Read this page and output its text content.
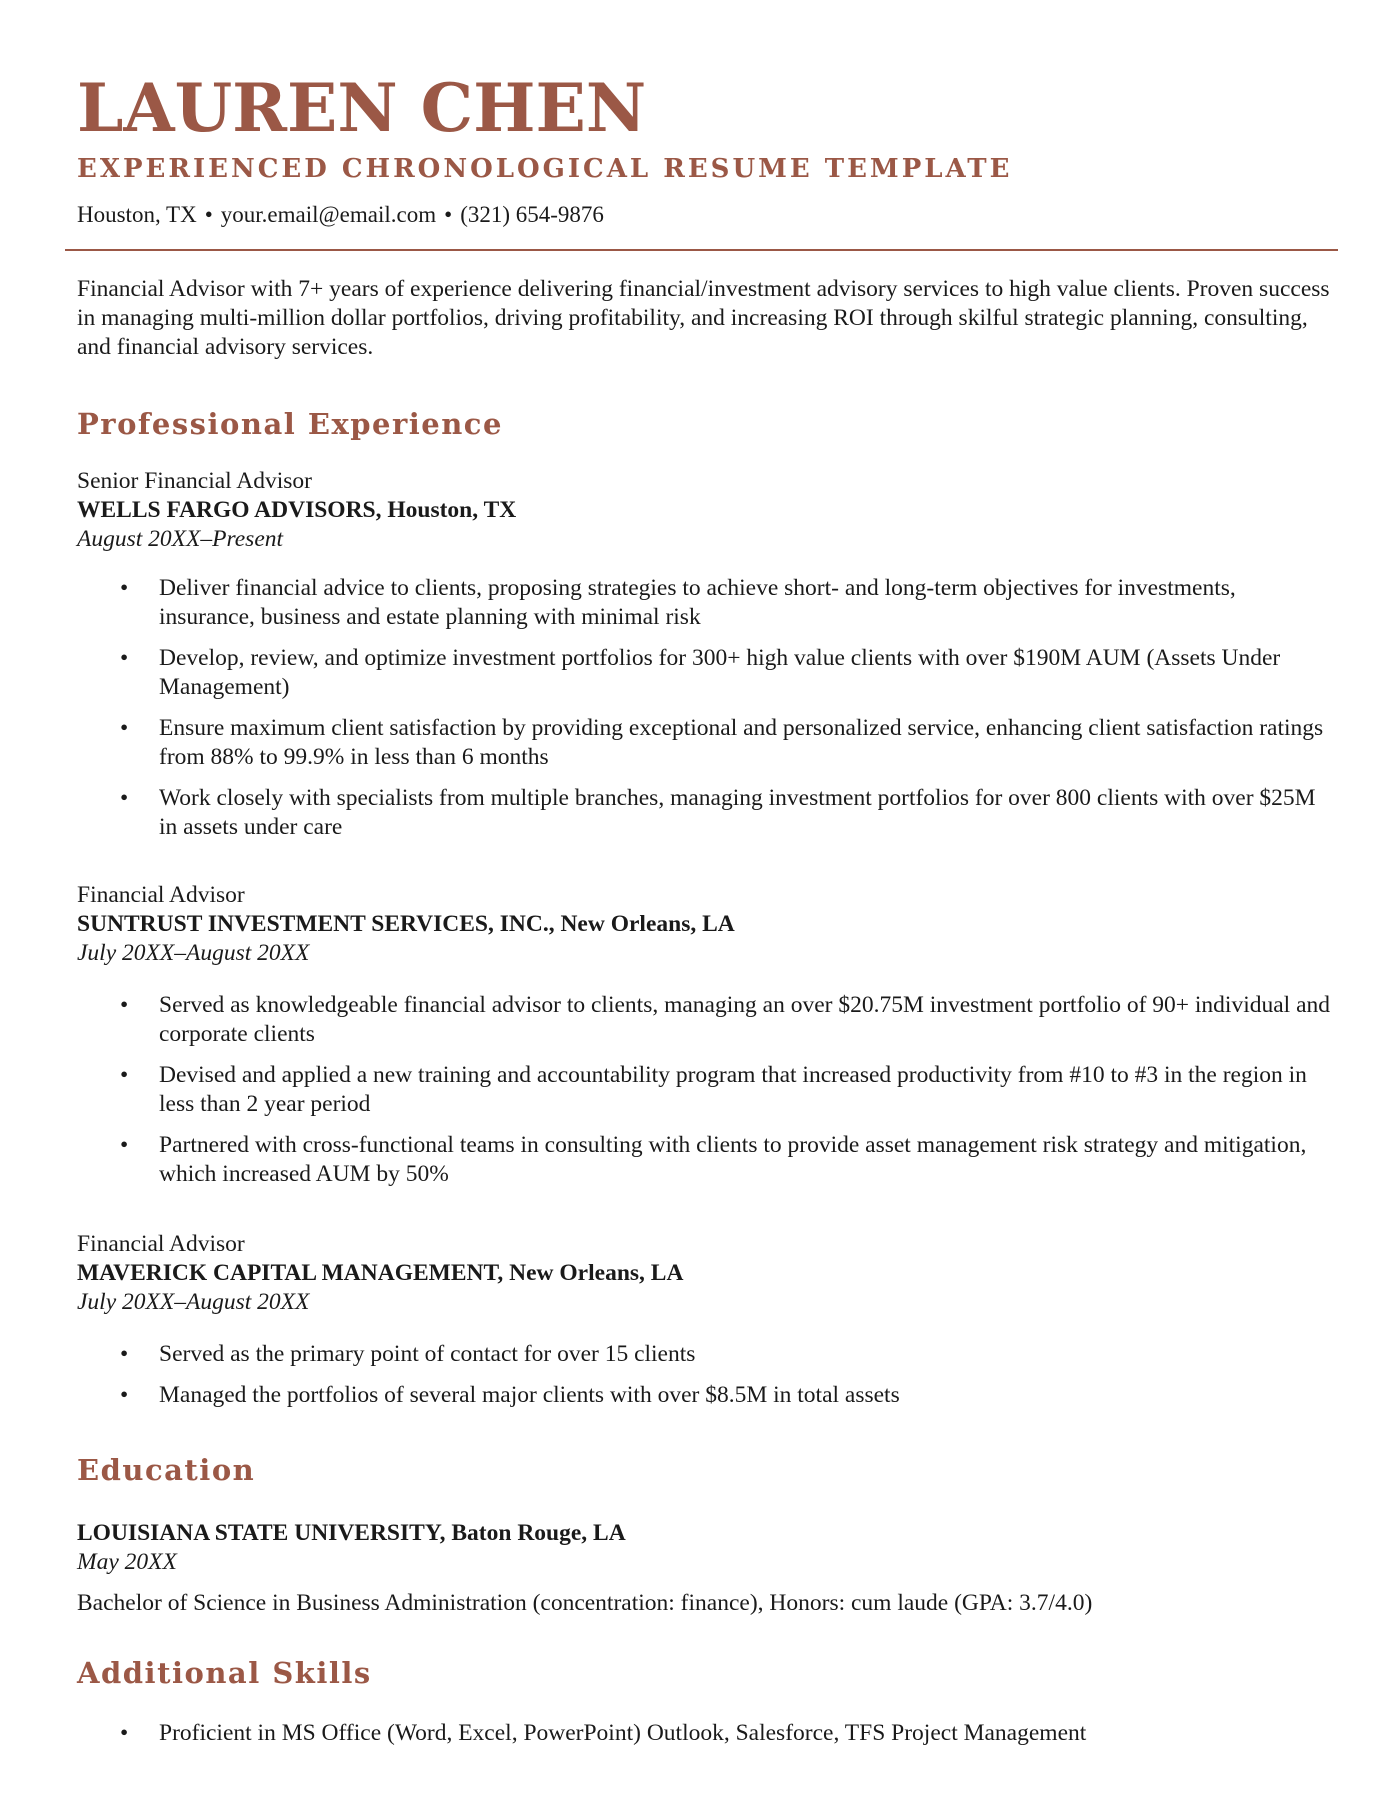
LAUREN CHEN
EXPERIENCED CHRONOLOGICAL RESUME TEMPLATE
Houston, TX • your.email@email.com • (321) 654-9876

Financial Advisor with 7+ years of experience delivering financial/investment advisory services to high value clients. Proven success in managing multi-million dollar portfolios, driving profitability, and increasing ROI through skilful strategic planning, consulting, and financial advisory services.

Professional Experience
Senior Financial Advisor
WELLS FARGO ADVISORS, Houston, TX
August 20XX–Present
• Deliver financial advice to clients, proposing strategies to achieve short- and long-term objectives for investments, insurance, business and estate planning with minimal risk
• Develop, review, and optimize investment portfolios for 300+ high value clients with over $190M AUM (Assets Under Management)
• Ensure maximum client satisfaction by providing exceptional and personalized service, enhancing client satisfaction ratings from 88% to 99.9% in less than 6 months
• Work closely with specialists from multiple branches, managing investment portfolios for over 800 clients with over $25M in assets under care
Financial Advisor
SUNTRUST INVESTMENT SERVICES, INC., New Orleans, LA
July 20XX–August 20XX
• Served as knowledgeable financial advisor to clients, managing an over $20.75M investment portfolio of 90+ individual and corporate clients
• Devised and applied a new training and accountability program that increased productivity from #10 to #3 in the region in less than 2 year period
• Partnered with cross-functional teams in consulting with clients to provide asset management risk strategy and mitigation, which increased AUM by 50%
Financial Advisor
MAVERICK CAPITAL MANAGEMENT, New Orleans, LA
July 20XX–August 20XX
• Served as the primary point of contact for over 15 clients
• Managed the portfolios of several major clients with over $8.5M in total assets
Education
LOUISIANA STATE UNIVERSITY, Baton Rouge, LA
May 20XX
Bachelor of Science in Business Administration (concentration: finance), Honors: cum laude (GPA: 3.7/4.0)
Additional Skills
• Proficient in MS Office (Word, Excel, PowerPoint) Outlook, Salesforce, TFS Project Management
